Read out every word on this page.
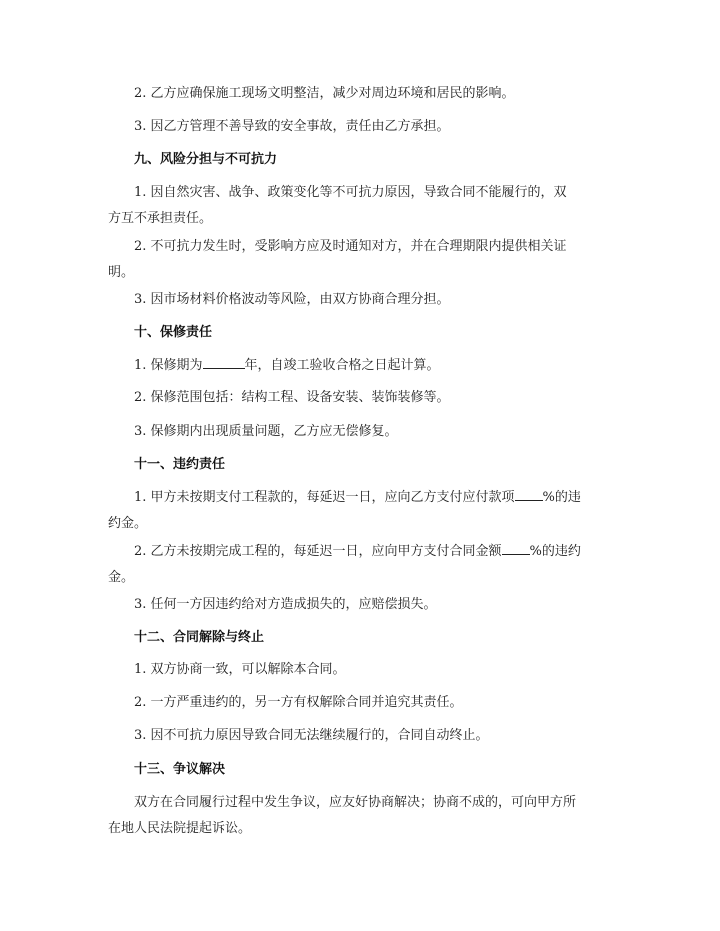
2. 乙方应确保施工现场文明整洁，减少对周边环境和居民的影响。
3. 因乙方管理不善导致的安全事故，责任由乙方承担。
九、风险分担与不可抗力
1. 因自然灾害、战争、政策变化等不可抗力原因，导致合同不能履行的，双
方互不承担责任。
2. 不可抗力发生时，受影响方应及时通知对方，并在合理期限内提供相关证
明。
3. 因市场材料价格波动等风险，由双方协商合理分担。
十、保修责任
1. 保修期为	年，自竣工验收合格之日起计算。
2. 保修范围包括：结构工程、设备安装、装饰装修等。
3. 保修期内出现质量问题，乙方应无偿修复。
十一、违约责任
1. 甲方未按期支付工程款的，每延迟一日，应向乙方支付应付款项 %的违
约金。
2. 乙方未按期完成工程的，每延迟一日，应向甲方支付合同金额 %的违约
金。
3. 任何一方因违约给对方造成损失的，应赔偿损失。
十二、合同解除与终止
1. 双方协商一致，可以解除本合同。
2. 一方严重违约的，另一方有权解除合同并追究其责任。
3. 因不可抗力原因导致合同无法继续履行的，合同自动终止。
十三、争议解决
双方在合同履行过程中发生争议，应友好协商解决；协商不成的，可向甲方所
在地人民法院提起诉讼。
